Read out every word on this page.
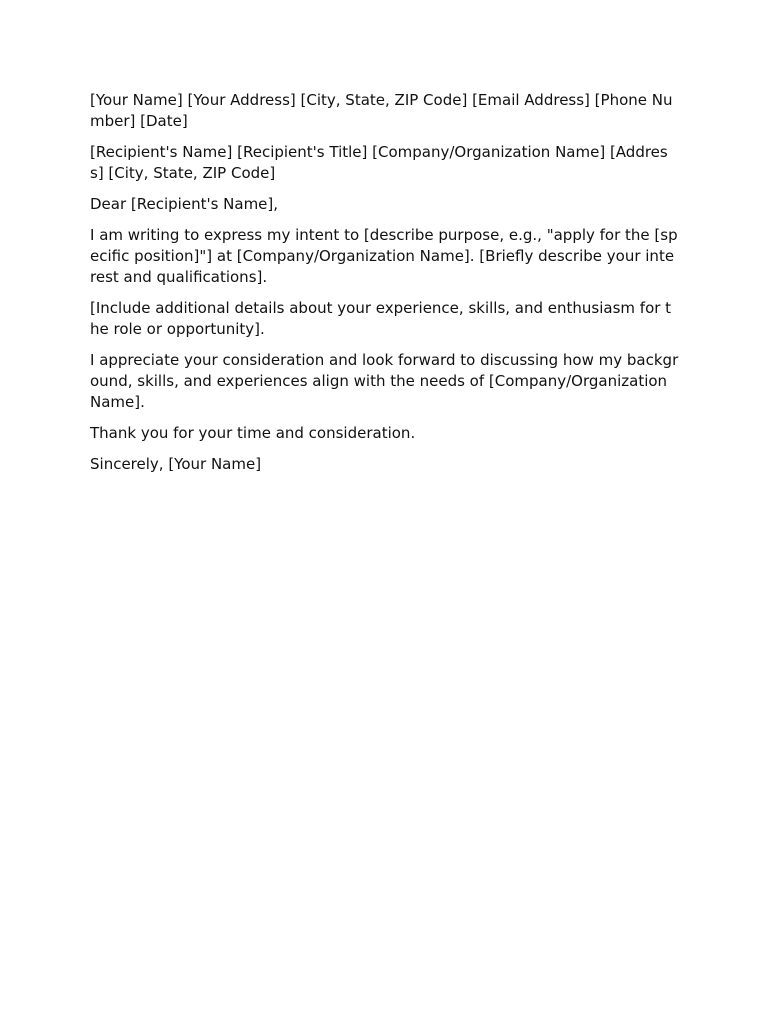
[Your Name] [Your Address] [City, State, ZIP Code] [Email Address] [Phone Number] [Date]

[Recipient's Name] [Recipient's Title] [Company/Organization Name] [Address] [City, State, ZIP Code]

Dear [Recipient's Name],

I am writing to express my intent to [describe purpose, e.g., "apply for the [specific position]"] at [Company/Organization Name]. [Briefly describe your interest and qualifications].

[Include additional details about your experience, skills, and enthusiasm for the role or opportunity].

I appreciate your consideration and look forward to discussing how my background, skills, and experiences align with the needs of [Company/Organization Name].

Thank you for your time and consideration.

Sincerely, [Your Name]
